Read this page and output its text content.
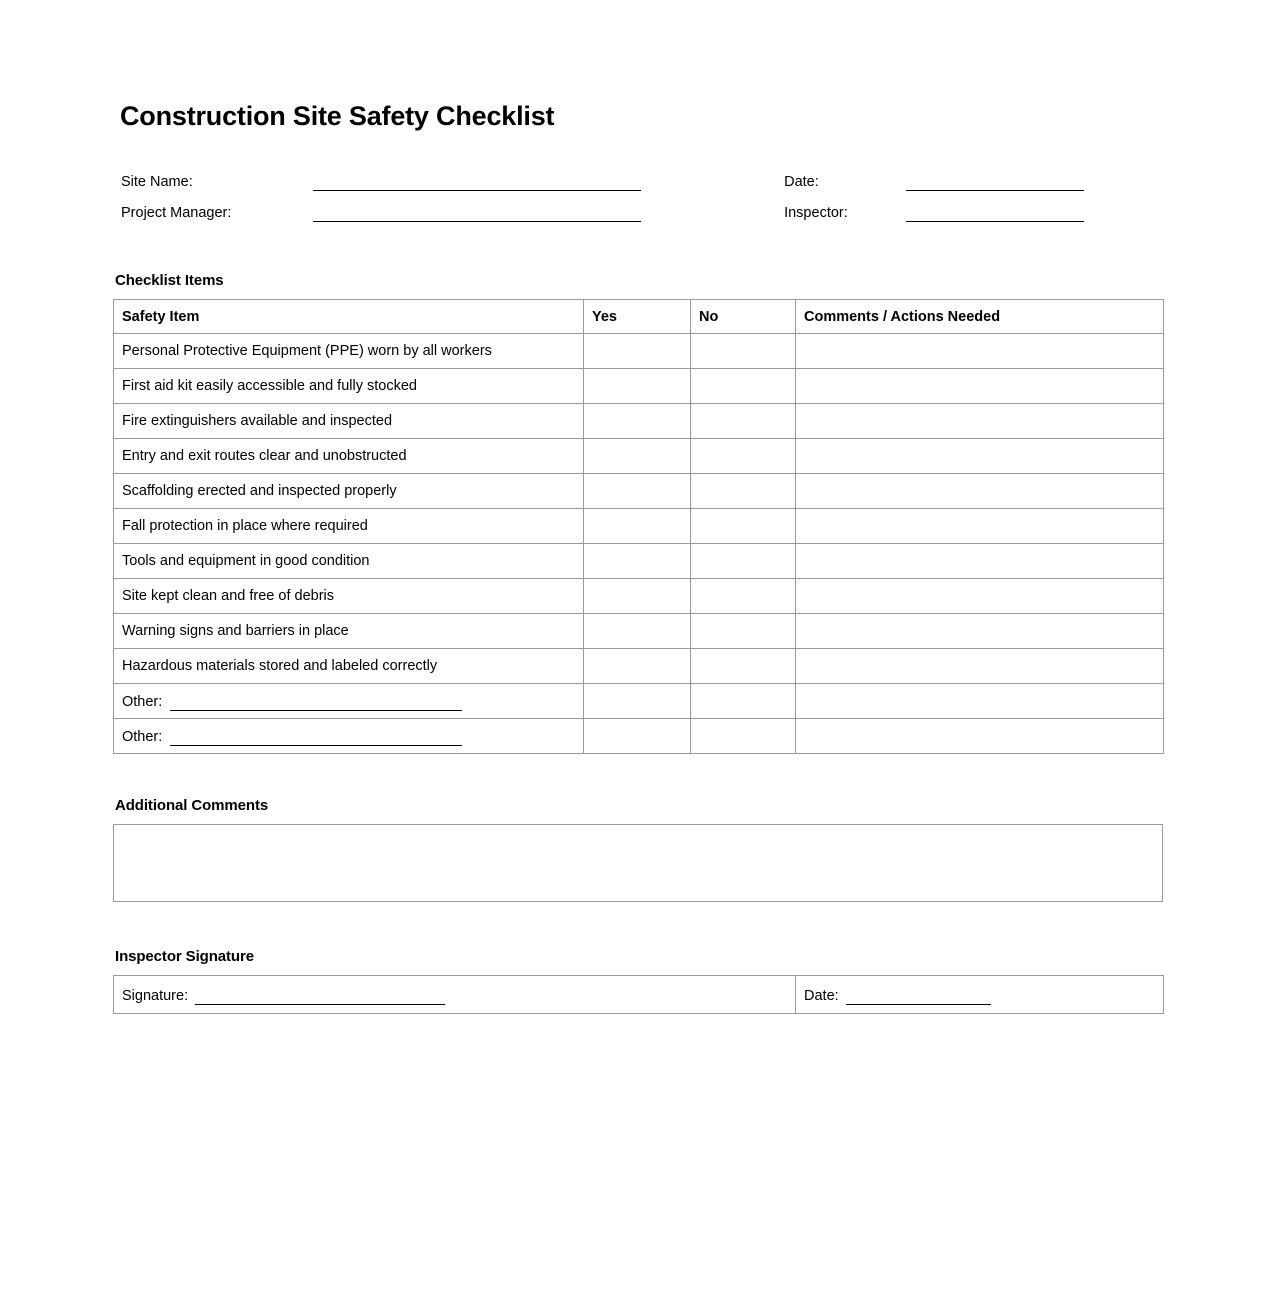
Construction Site Safety Checklist
Site Name:	Date:
Project Manager:	Inspector:
Checklist Items
Safety Item	Yes	No	Comments / Actions Needed
Personal Protective Equipment (PPE) worn by all workers			
First aid kit easily accessible and fully stocked			
Fire extinguishers available and inspected			
Entry and exit routes clear and unobstructed			
Scaffolding erected and inspected properly			
Fall protection in place where required			
Tools and equipment in good condition			
Site kept clean and free of debris			
Warning signs and barriers in place			
Hazardous materials stored and labeled correctly			

Other:			

Other:			

Additional Comments
Inspector Signature
Signature:	Date:
